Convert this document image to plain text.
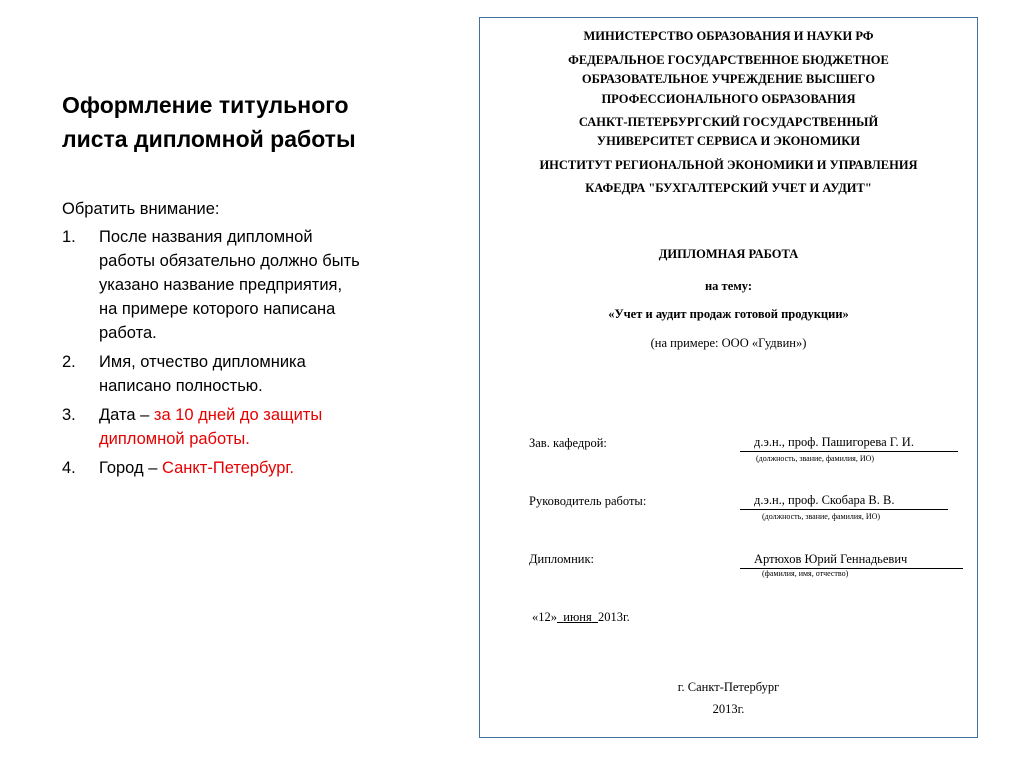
Оформление титульного
листа дипломной работы

Обратить внимание:

1. После названия дипломной работы обязательно должно быть указано название предприятия, на примере которого написана работа.
2. Имя, отчество дипломника написано полностью.
3. Дата – за 10 дней до защиты дипломной работы.
4. Город – Санкт-Петербург.
МИНИСТЕРСТВО ОБРАЗОВАНИЯ И НАУКИ РФ
ФЕДЕРАЛЬНОЕ ГОСУДАРСТВЕННОЕ БЮДЖЕТНОЕ
ОБРАЗОВАТЕЛЬНОЕ УЧРЕЖДЕНИЕ ВЫСШЕГО
ПРОФЕССИОНАЛЬНОГО ОБРАЗОВАНИЯ
САНКТ-ПЕТЕРБУРГСКИЙ ГОСУДАРСТВЕННЫЙ
УНИВЕРСИТЕТ СЕРВИСА И ЭКОНОМИКИ
ИНСТИТУТ РЕГИОНАЛЬНОЙ ЭКОНОМИКИ И УПРАВЛЕНИЯ
КАФЕДРА "БУХГАЛТЕРСКИЙ УЧЕТ И АУДИТ"
ДИПЛОМНАЯ РАБОТА
на тему:
«Учет и аудит продаж готовой продукции»
(на примере: ООО «Гудвин»)
Зав. кафедрой:	д.э.н., проф. Пашигорева Г. И.
(должность, звание, фамилия, ИО)
Руководитель работы:	д.э.н., проф. Скобара В. В.
(должность, звание, фамилия, ИО)
Дипломник:	Артюхов Юрий Геннадьевич
(фамилия, имя, отчество)
«12» июня 2013г.
г. Санкт-Петербург
2013г.
